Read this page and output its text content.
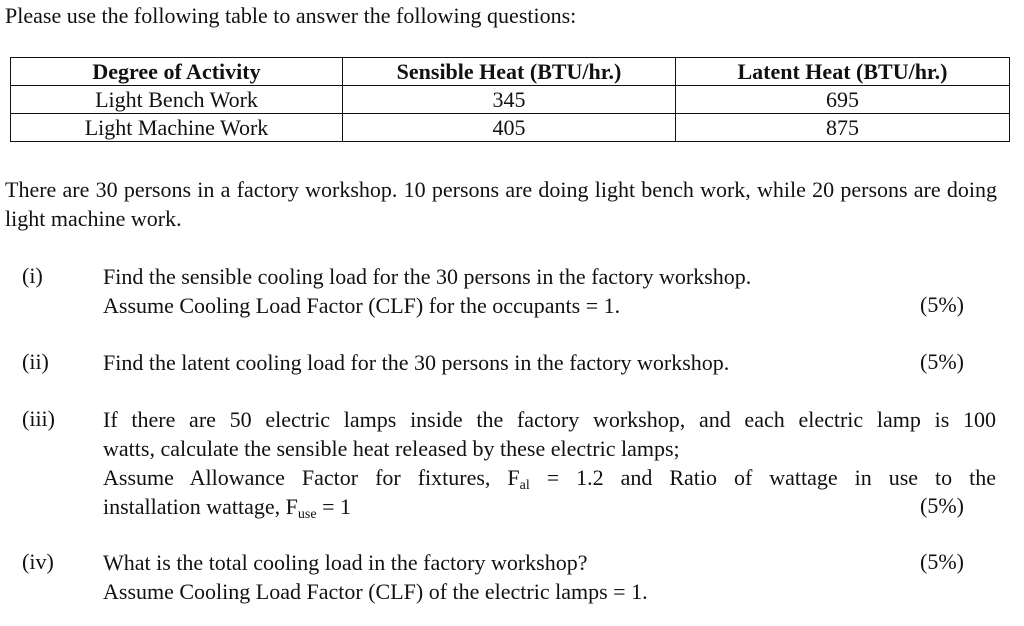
Please use the following table to answer the following questions:
Degree of Activity	Sensible Heat (BTU/hr.)	Latent Heat (BTU/hr.)
Light Bench Work	345	695
Light Machine Work	405	875
There are 30 persons in a factory workshop. 10 persons are doing light bench work, while 20 persons are doing light machine work.
(i)	Find the sensible cooling load for the 30 persons in the factory workshop.
Assume Cooling Load Factor (CLF) for the occupants = 1.	(5%)
(ii) Find the latent cooling load for the 30 persons in the factory workshop.	(5%)
(iii) If there are 50 electric lamps inside the factory workshop, and each electric lamp is 100
watts, calculate the sensible heat released by these electric lamps;
Assume Allowance Factor for fixtures, $F_{al} = 1.2$ and Ratio of wattage in use to the
installation wattage, $F_{use} = 1$	(5%)
(iv) What is the total cooling load in the factory workshop?
Assume Cooling Load Factor (CLF) of the electric lamps = 1.
(5%)
